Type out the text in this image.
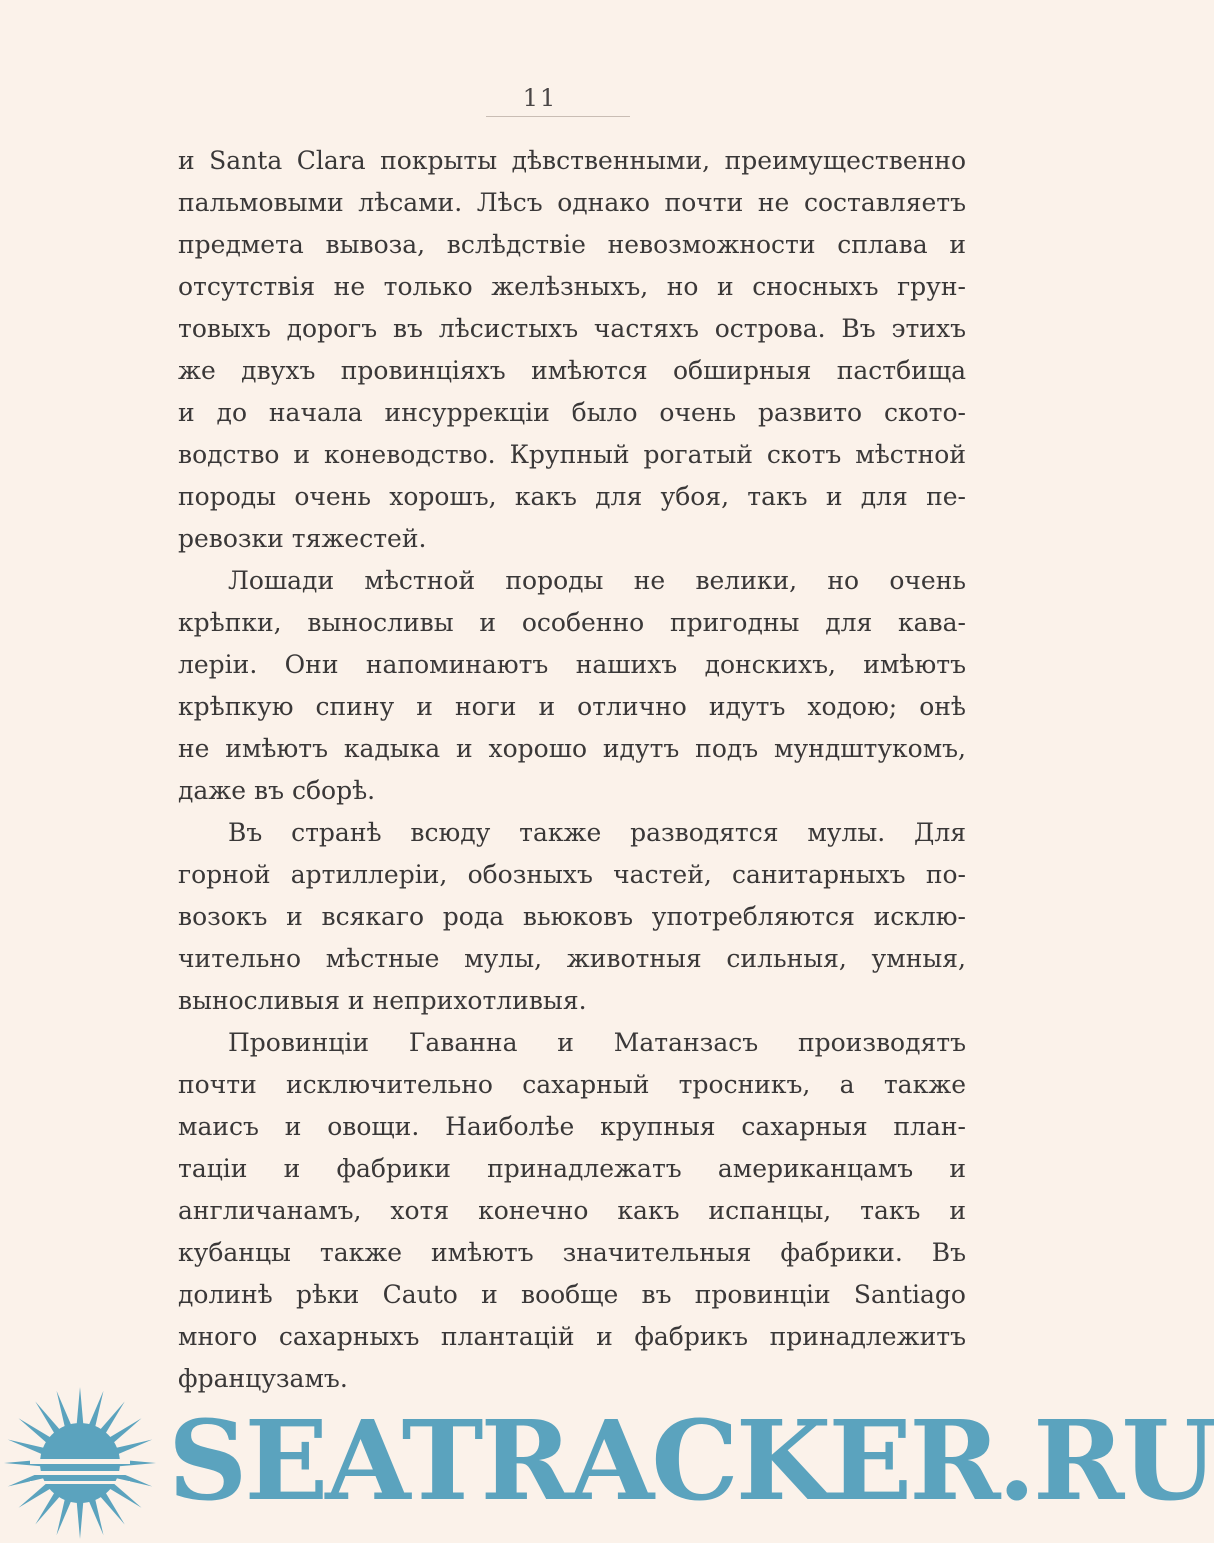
11
и Santa Clara покрыты дѣвственными, преимущественно
пальмовыми лѣсами. Лѣсъ однако почти не составляетъ
предмета вывоза, вслѣдствіе невозможности сплава и
отсутствія не только желѣзныхъ, но и сносныхъ грун-
товыхъ дорогъ въ лѣсистыхъ частяхъ острова. Въ этихъ
же двухъ провинціяхъ имѣются обширныя пастбища
и до начала инсуррекціи было очень развито ското-
водство и коневодство. Крупный рогатый скотъ мѣстной
породы очень хорошъ, какъ для убоя, такъ и для пе-
ревозки тяжестей.
Лошади мѣстной породы не велики, но очень
крѣпки, выносливы и особенно пригодны для кава-
леріи. Они напоминаютъ нашихъ донскихъ, имѣютъ
крѣпкую спину и ноги и отлично идутъ ходою; онѣ
не имѣютъ кадыка и хорошо идутъ подъ мундштукомъ,
даже въ сборѣ.
Въ странѣ всюду также разводятся мулы. Для
горной артиллеріи, обозныхъ частей, санитарныхъ по-
возокъ и всякаго рода вьюковъ употребляются исклю-
чительно мѣстные мулы, животныя сильныя, умныя,
выносливыя и неприхотливыя.
Провинціи Гаванна и Матанзасъ производятъ
почти исключительно сахарный тросникъ, а также
маисъ и овощи. Наиболѣе крупныя сахарныя план-
таціи и фабрики принадлежатъ американцамъ и
англичанамъ, хотя конечно какъ испанцы, такъ и
кубанцы также имѣютъ значительныя фабрики. Въ
долинѣ рѣки Cauto и вообще въ провинціи Santiago
много сахарныхъ плантацій и фабрикъ принадлежитъ
французамъ.
SEATRACKER.RU
